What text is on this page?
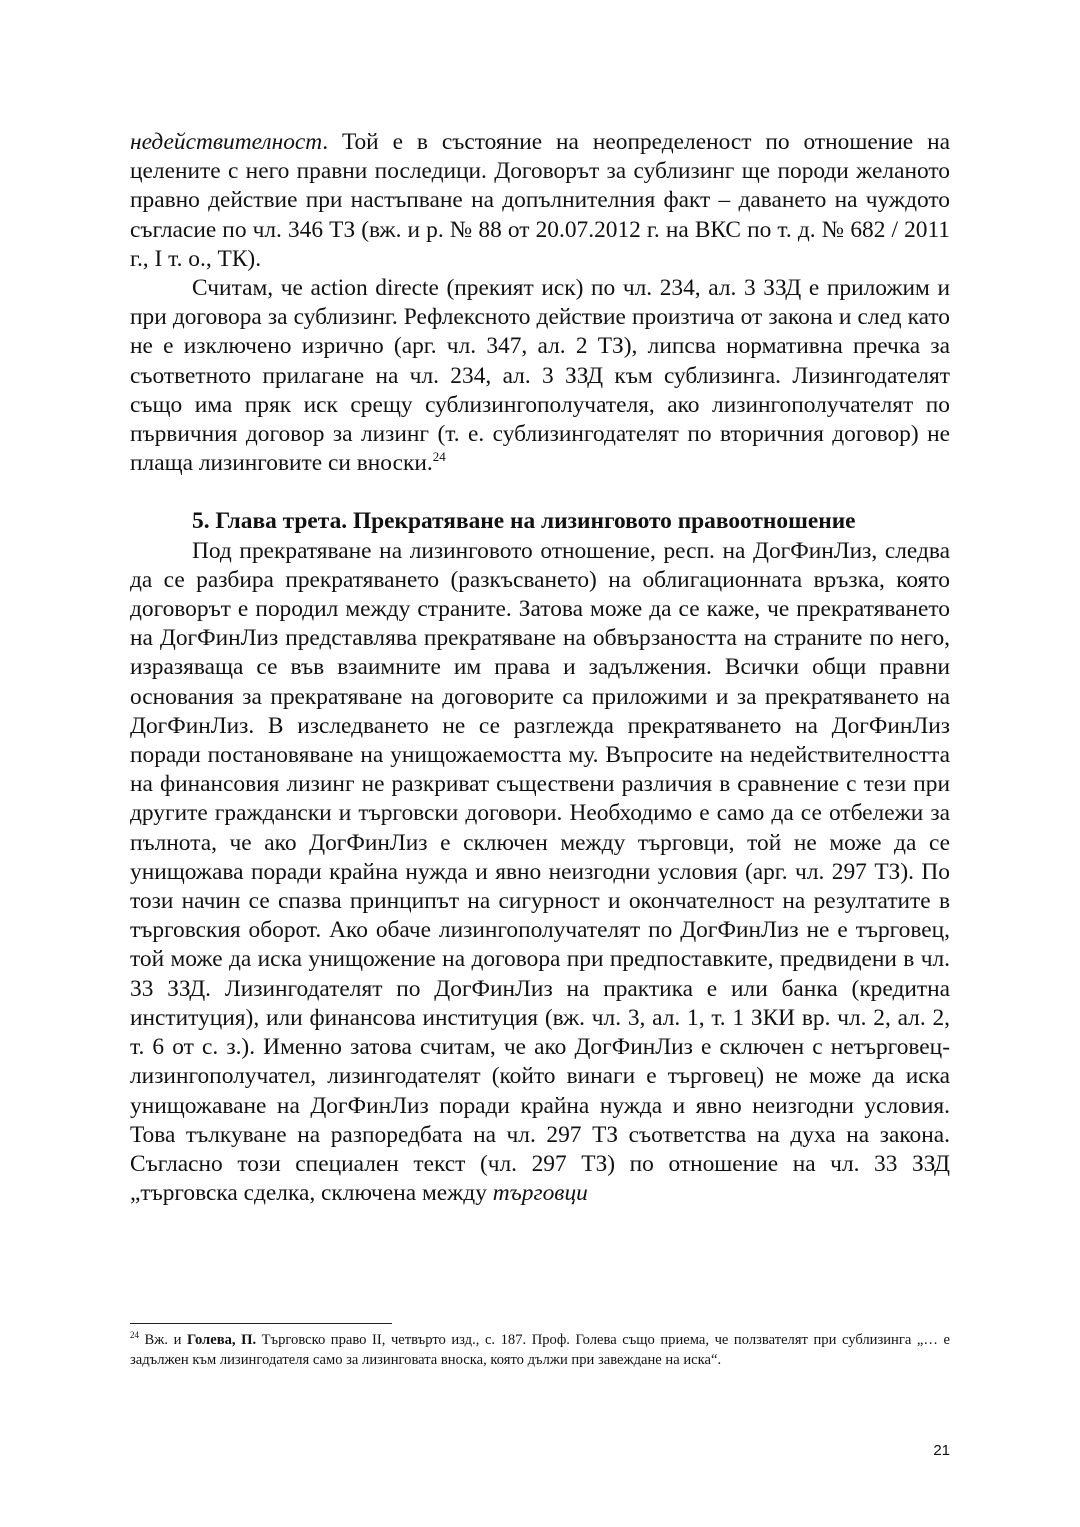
недействителност. Той е в състояние на неопределеност по отношение на целените с него правни последици. Договорът за сублизинг ще породи желаното правно действие при настъпване на допълнителния факт – даването на чуждото съгласие по чл. 346 ТЗ (вж. и р. № 88 от 20.07.2012 г. на ВКС по т. д. № 682 / 2011 г., I т. о., ТК).

Считам, че action directe (прекият иск) по чл. 234, ал. 3 ЗЗД е приложим и при договора за сублизинг. Рефлексното действие произтича от закона и след като не е изключено изрично (арг. чл. 347, ал. 2 ТЗ), липсва нормативна пречка за съответното прилагане на чл. 234, ал. 3 ЗЗД към сублизинга. Лизингодателят също има пряк иск срещу сублизингополучателя, ако лизингополучателят по първичния договор за лизинг (т. е. сублизингодателят по вторичния договор) не плаща лизинговите си вноски.$^{24}$

5. Глава трета. Прекратяване на лизинговото правоотношение

Под прекратяване на лизинговото отношение, респ. на ДогФинЛиз, следва да се разбира прекратяването (разкъсването) на облигационната връзка, която договорът е породил между страните. Затова може да се каже, че прекратяването на ДогФинЛиз представлява прекратяване на обвързаността на страните по него, изразяваща се във взаимните им права и задължения. Всички общи правни основания за прекратяване на договорите са приложими и за прекратяването на ДогФинЛиз. В изследването не се разглежда прекратяването на ДогФинЛиз поради постановяване на унищожаемостта му. Въпросите на недействителността на финансовия лизинг не разкриват съществени различия в сравнение с тези при другите граждански и търговски договори. Необходимо е само да се отбележи за пълнота, че ако ДогФинЛиз е сключен между търговци, той не може да се унищожава поради крайна нужда и явно неизгодни условия (арг. чл. 297 ТЗ). По този начин се спазва принципът на сигурност и окончателност на резултатите в търговския оборот. Ако обаче лизингополучателят по ДогФинЛиз не е търговец, той може да иска унищожение на договора при предпоставките, предвидени в чл. 33 ЗЗД. Лизингодателят по ДогФинЛиз на практика е или банка (кредитна институция), или финансова институция (вж. чл. 3, ал. 1, т. 1 ЗКИ вр. чл. 2, ал. 2, т. 6 от с. з.). Именно затова считам, че ако ДогФинЛиз е сключен с нетърговец-лизингополучател, лизингодателят (който винаги е търговец) не може да иска унищожаване на ДогФинЛиз поради крайна нужда и явно неизгодни условия. Това тълкуване на разпоредбата на чл. 297 ТЗ съответства на духа на закона. Съгласно този специален текст (чл. 297 ТЗ) по отношение на чл. 33 ЗЗД „търговска сделка, сключена между търговци

$^{24}$ Вж. и Голева, П. Търговско право II, четвърто изд., с. 187. Проф. Голева също приема, че ползвателят при сублизинга „… е задължен към лизингодателя само за лизинговата вноска, която дължи при завеждане на иска“.
21
